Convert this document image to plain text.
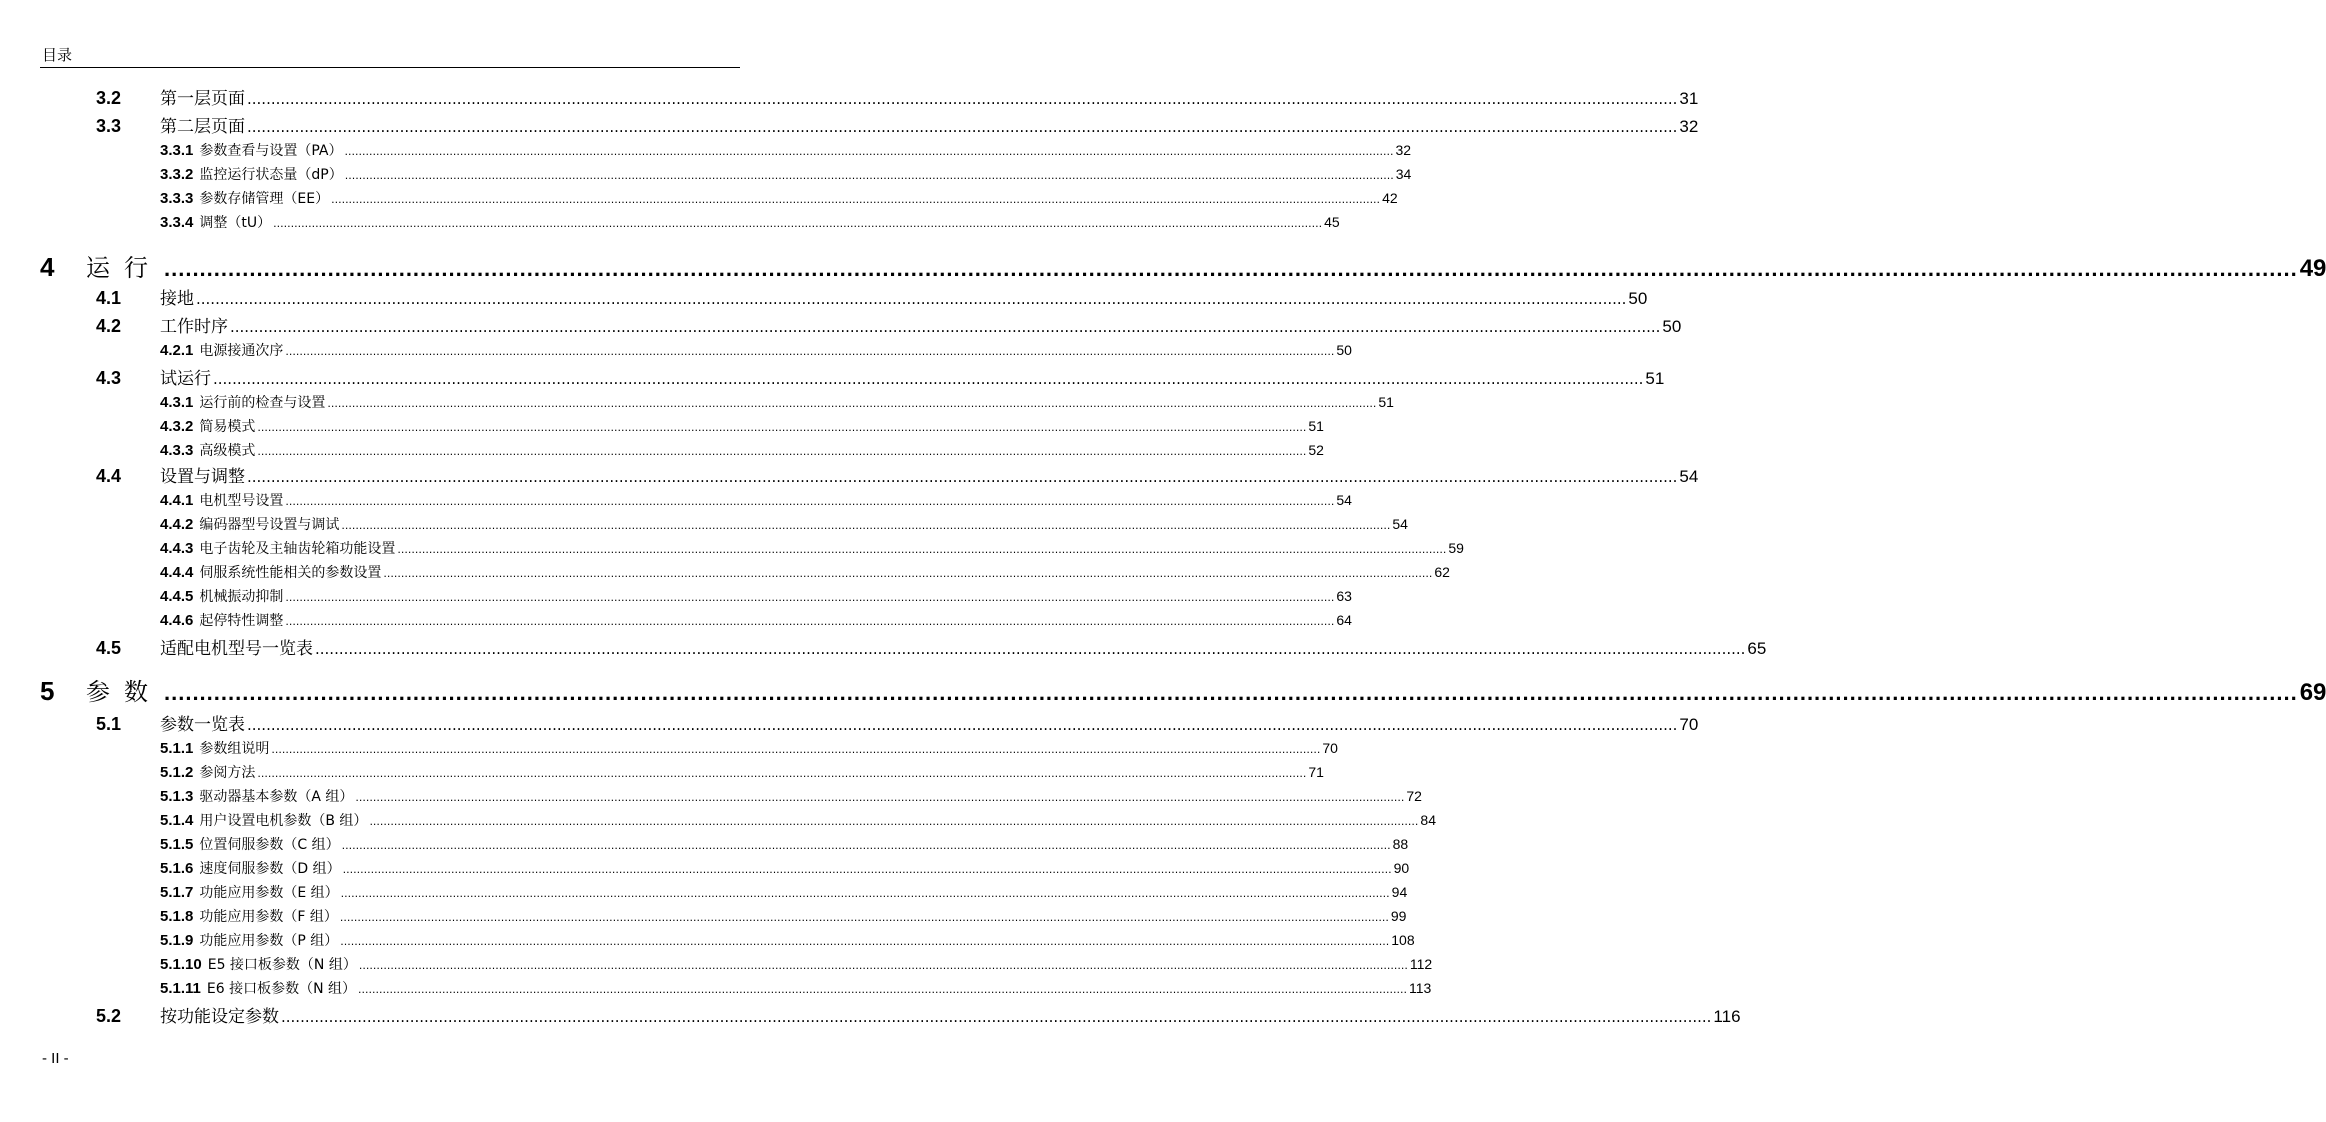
目录
3.2	第一层页面 ............................................................................................................................................................................................................................................................................................................ 31
3.3	第二层页面 ............................................................................................................................................................................................................................................................................................................ 32
3.3.1 参数查看与设置（PA） ............................................................................................................................................................................................................................................................................................................ 32
3.3.2 监控运行状态量（dP） ............................................................................................................................................................................................................................................................................................................ 34
3.3.3 参数存储管理（EE） ............................................................................................................................................................................................................................................................................................................ 42
3.3.4 调整（tU） ............................................................................................................................................................................................................................................................................................................ 45
4	运行 ............................................................................................................................................................................................................................................................................................................ 49
4.1	接地 ............................................................................................................................................................................................................................................................................................................ 50
4.2	工作时序 ............................................................................................................................................................................................................................................................................................................ 50
4.2.1 电源接通次序 ............................................................................................................................................................................................................................................................................................................ 50
4.3	试运行 ............................................................................................................................................................................................................................................................................................................ 51
4.3.1 运行前的检查与设置 ............................................................................................................................................................................................................................................................................................................ 51
4.3.2 简易模式 ............................................................................................................................................................................................................................................................................................................ 51
4.3.3 高级模式 ............................................................................................................................................................................................................................................................................................................ 52
4.4	设置与调整 ............................................................................................................................................................................................................................................................................................................ 54
4.4.1 电机型号设置 ............................................................................................................................................................................................................................................................................................................ 54
4.4.2 编码器型号设置与调试 ............................................................................................................................................................................................................................................................................................................ 54
4.4.3 电子齿轮及主轴齿轮箱功能设置 ............................................................................................................................................................................................................................................................................................................ 59
4.4.4 伺服系统性能相关的参数设置 ............................................................................................................................................................................................................................................................................................................ 62
4.4.5 机械振动抑制 ............................................................................................................................................................................................................................................................................................................ 63
4.4.6 起停特性调整 ............................................................................................................................................................................................................................................................................................................ 64
4.5	适配电机型号一览表 ............................................................................................................................................................................................................................................................................................................ 65
5	参数 ............................................................................................................................................................................................................................................................................................................ 69
5.1	参数一览表 ............................................................................................................................................................................................................................................................................................................ 70
5.1.1 参数组说明 ............................................................................................................................................................................................................................................................................................................ 70
5.1.2 参阅方法 ............................................................................................................................................................................................................................................................................................................ 71
5.1.3 驱动器基本参数（A 组） ............................................................................................................................................................................................................................................................................................................ 72
5.1.4 用户设置电机参数（B 组） ............................................................................................................................................................................................................................................................................................................ 84
5.1.5 位置伺服参数（C 组） ............................................................................................................................................................................................................................................................................................................ 88
5.1.6 速度伺服参数（D 组） ............................................................................................................................................................................................................................................................................................................ 90
5.1.7 功能应用参数（E 组） ............................................................................................................................................................................................................................................................................................................ 94
5.1.8 功能应用参数（F 组） ............................................................................................................................................................................................................................................................................................................ 99
5.1.9 功能应用参数（P 组） ............................................................................................................................................................................................................................................................................................................ 108
5.1.10 E5 接口板参数（N 组） ............................................................................................................................................................................................................................................................................................................ 112
5.1.11 E6 接口板参数（N 组） ............................................................................................................................................................................................................................................................................................................ 113
5.2	按功能设定参数 ............................................................................................................................................................................................................................................................................................................ 116
- II -
